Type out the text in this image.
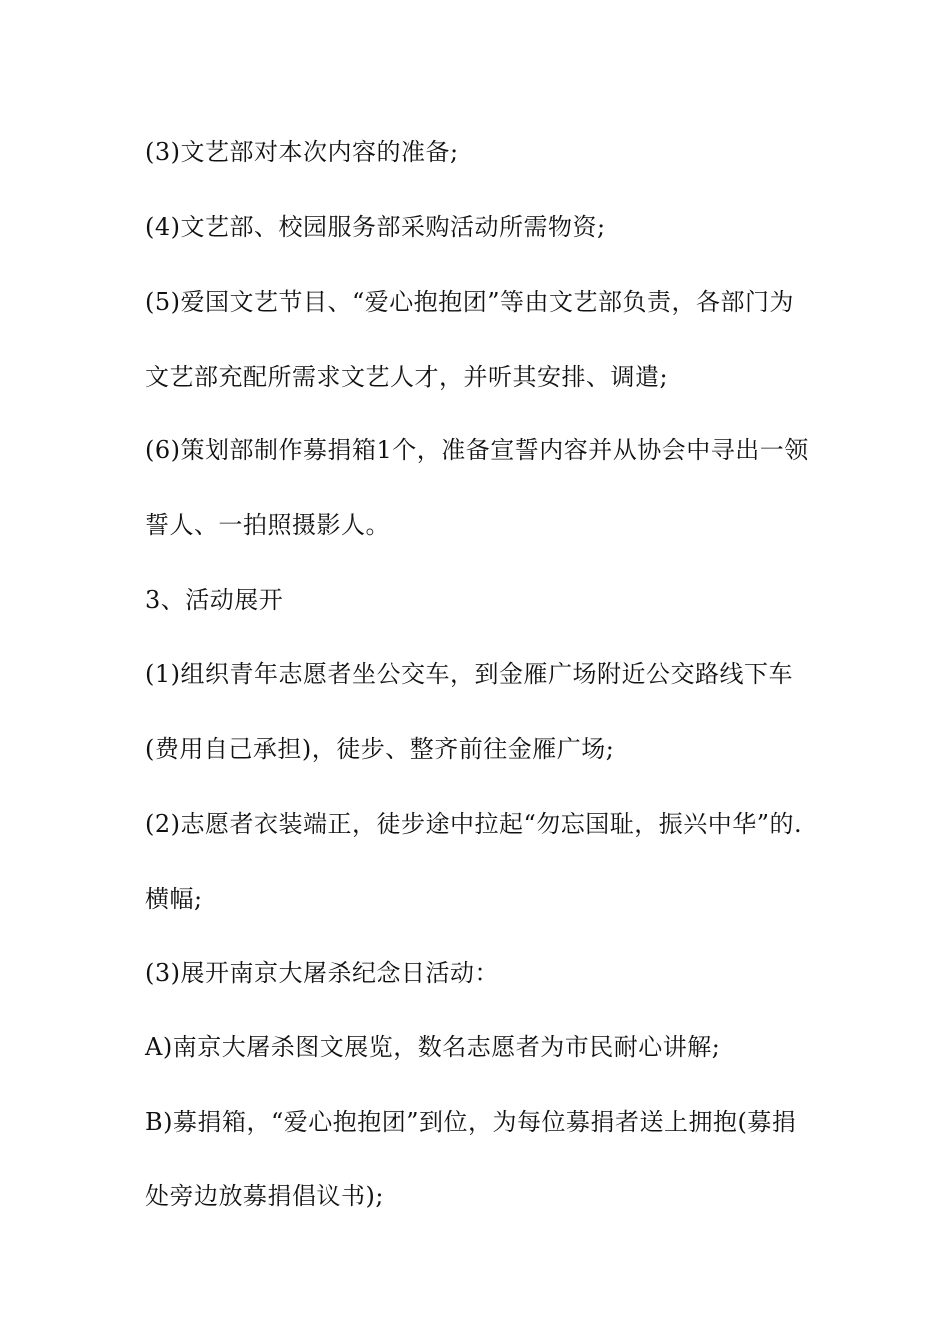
(3)文艺部对本次内容的准备;
(4)文艺部、校园服务部采购活动所需物资;
(5)爱国文艺节目、“爱心抱抱团”等由文艺部负责，各部门为
文艺部充配所需求文艺人才，并听其安排、调遣;
(6)策划部制作募捐箱1个，准备宣誓内容并从协会中寻出一领
誓人、一拍照摄影人。
3、活动展开
(1)组织青年志愿者坐公交车，到金雁广场附近公交路线下车
(费用自己承担)，徒步、整齐前往金雁广场;
(2)志愿者衣装端正，徒步途中拉起“勿忘国耻，振兴中华”的.
横幅;
(3)展开南京大屠杀纪念日活动：
A)南京大屠杀图文展览，数名志愿者为市民耐心讲解;
B)募捐箱，“爱心抱抱团”到位，为每位募捐者送上拥抱(募捐
处旁边放募捐倡议书);
